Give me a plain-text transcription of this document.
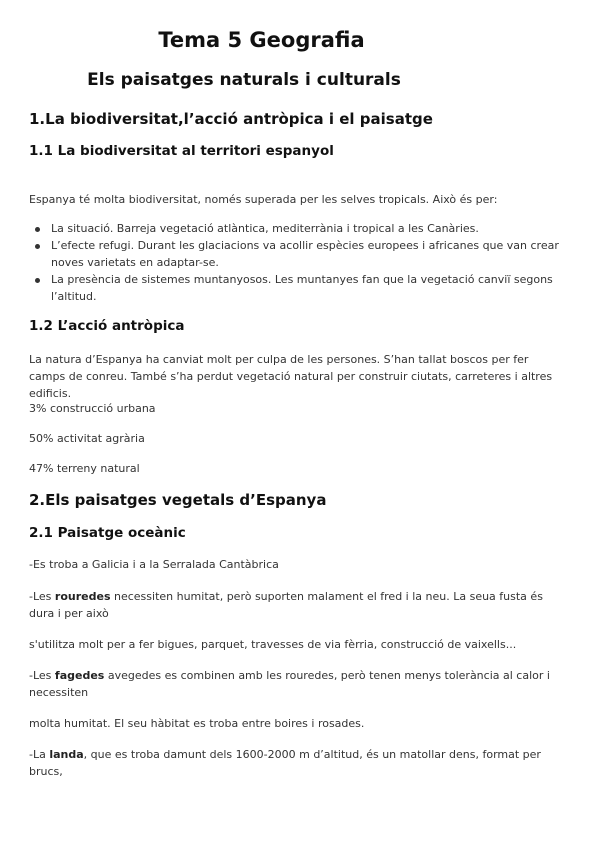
Tema 5 Geografia
Els paisatges naturals i culturals
1.La biodiversitat,l’acció antròpica i el paisatge
1.1 La biodiversitat al territori espanyol

Espanya té molta biodiversitat, només superada per les selves tropicals. Això és per:

La situació. Barreja vegetació atlàntica, mediterrània i tropical a les Canàries.
L’efecte refugi. Durant les glaciacions va acollir espècies europees i africanes que van crear noves varietats en adaptar-se.
La presència de sistemes muntanyosos. Les muntanyes fan que la vegetació canviï segons l’altitud.
1.2 L’acció antròpica

La natura d’Espanya ha canviat molt per culpa de les persones. S’han tallat boscos per fer camps de conreu. També s’ha perdut vegetació natural per construir ciutats, carreteres i altres edificis.

3% construcció urbana

50% activitat agrària

47% terreny natural

2.Els paisatges vegetals d’Espanya
2.1 Paisatge oceànic

-Es troba a Galicia i a la Serralada Cantàbrica

-Les rouredes necessiten humitat, però suporten malament el fred i la neu. La seua fusta és dura i per això

s'utilitza molt per a fer bigues, parquet, travesses de via fèrria, construcció de vaixells...

-Les fagedes avegedes es combinen amb les rouredes, però tenen menys tolerància al calor i necessiten

molta humitat. El seu hàbitat es troba entre boires i rosades.

-La landa, que es troba damunt dels 1600-2000 m d’altitud, és un matollar dens, format per brucs,
